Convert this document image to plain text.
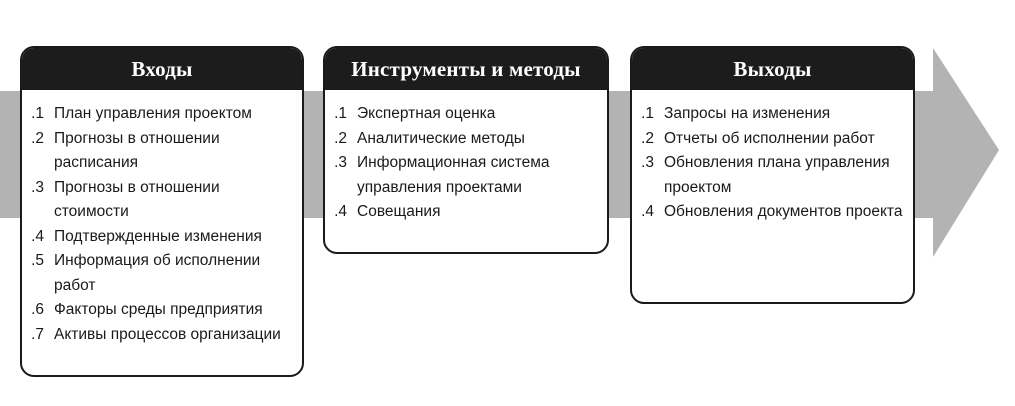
Входы
.1 План управления проектом
.2 Прогнозы в отношении расписания
.3 Прогнозы в отношении стоимости
.4 Подтвержденные изменения
.5 Информация об исполнении работ
.6 Факторы среды предприятия
.7 Активы процессов организации
Инструменты и методы
.1 Экспертная оценка
.2 Аналитические методы
.3 Информационная система управления проектами
.4 Совещания
Выходы
.1 Запросы на изменения
.2 Отчеты об исполнении работ
.3 Обновления плана управления проектом
.4 Обновления документов проекта
